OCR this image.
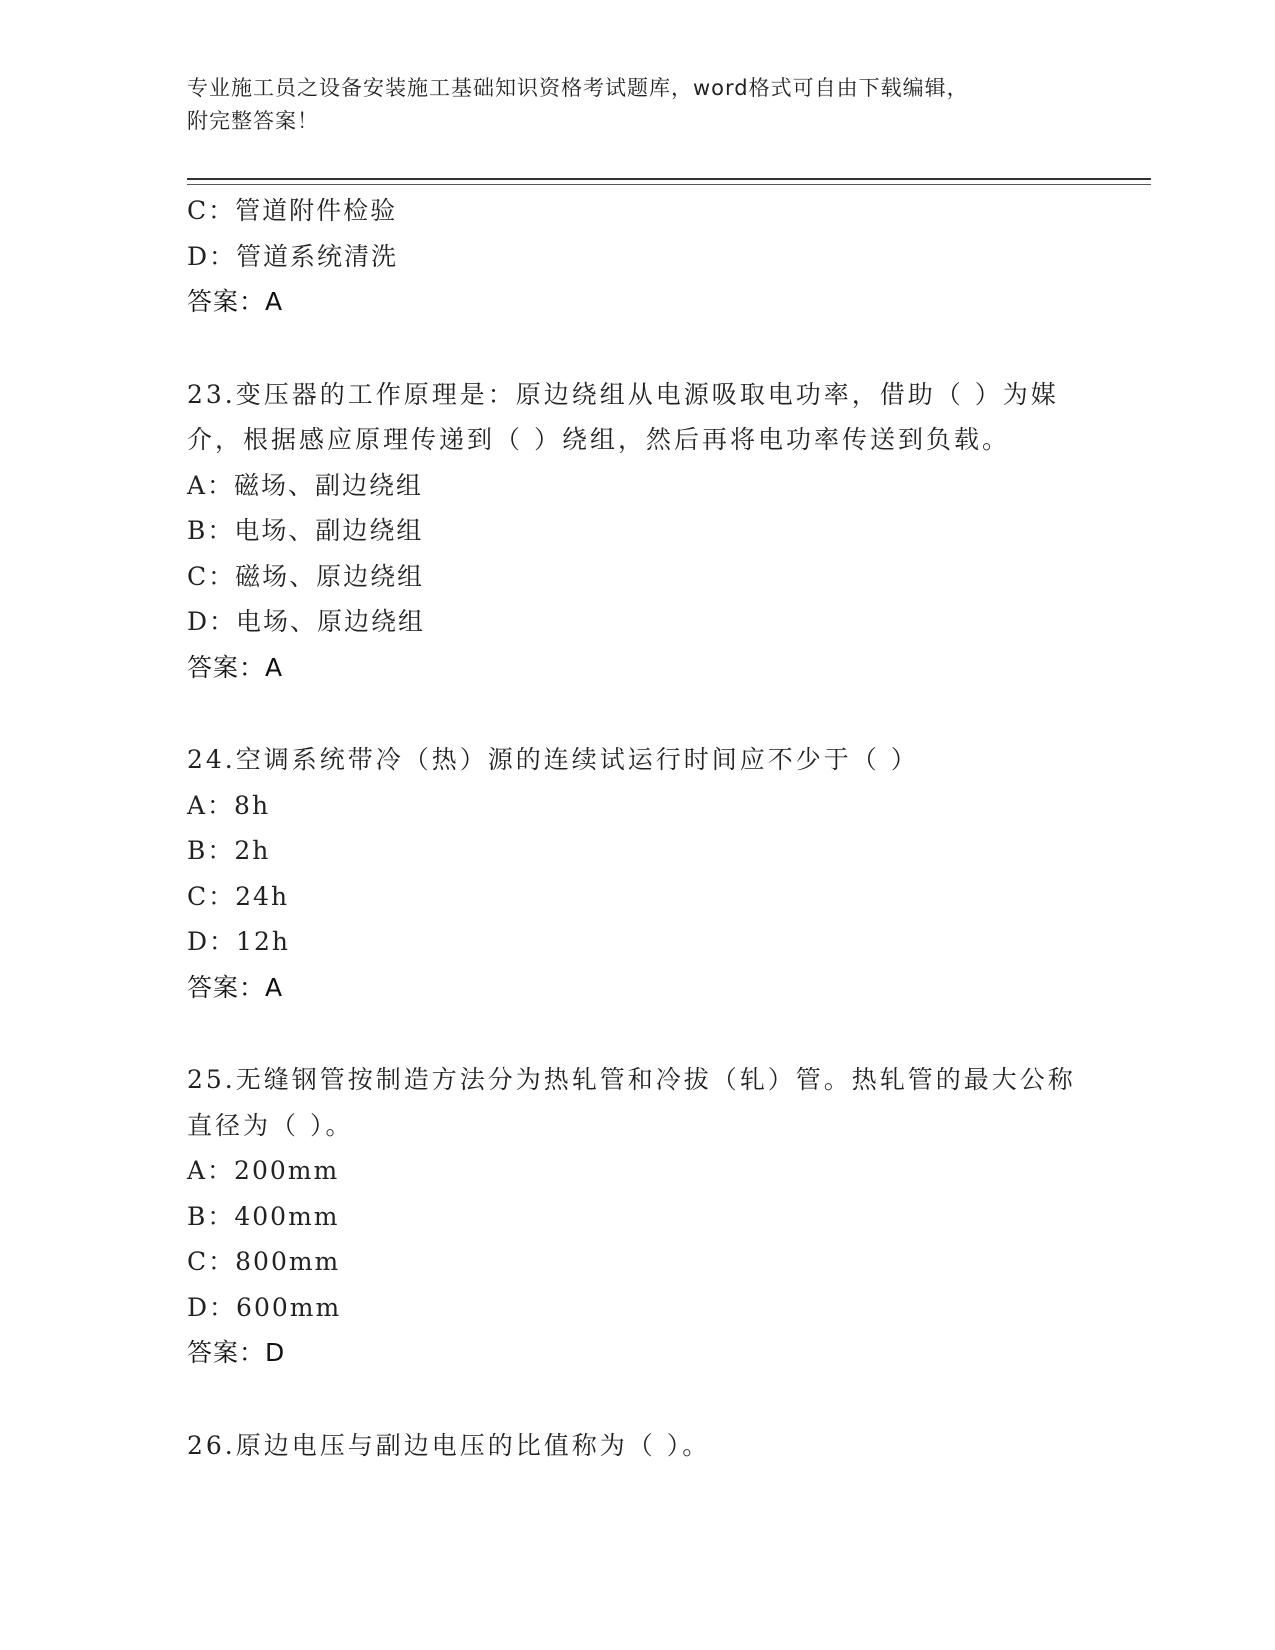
专业施工员之设备安装施工基础知识资格考试题库，word格式可自由下载编辑，
附完整答案！
C：管道附件检验
D：管道系统清洗
答案：A
23.变压器的工作原理是：原边绕组从电源吸取电功率，借助（ ）为媒介，根据感应原理传递到（ ）绕组，然后再将电功率传送到负载。
A：磁场、副边绕组
B：电场、副边绕组
C：磁场、原边绕组
D：电场、原边绕组
答案：A
24.空调系统带冷（热）源的连续试运行时间应不少于（ ）
A：8h
B：2h
C：24h
D：12h
答案：A
25.无缝钢管按制造方法分为热轧管和冷拔（轧）管。热轧管的最大公称直径为（ ）。
A：200mm
B：400mm
C：800mm
D：600mm
答案：D
26.原边电压与副边电压的比值称为（ ）。
